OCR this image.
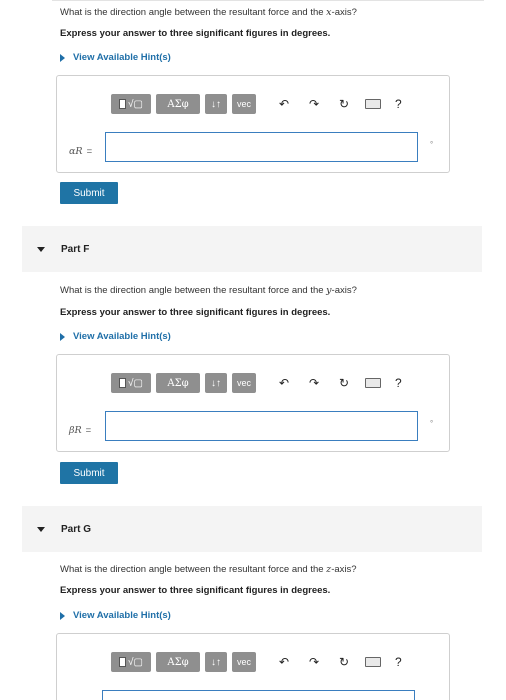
What is the direction angle between the resultant force and the x-axis?
Express your answer to three significant figures in degrees.
View Available Hint(s)
√▢	ΑΣφ	↓↑	vec	↶ ↷ ↻	?
αR =
°
Submit
Part F
What is the direction angle between the resultant force and the y-axis?
Express your answer to three significant figures in degrees.
View Available Hint(s)
√▢	ΑΣφ	↓↑	vec	↶ ↷ ↻	?
βR =
°
Submit
Part G
What is the direction angle between the resultant force and the z-axis?
Express your answer to three significant figures in degrees.
View Available Hint(s)
√▢	ΑΣφ	↓↑	vec	↶ ↷ ↻	?
